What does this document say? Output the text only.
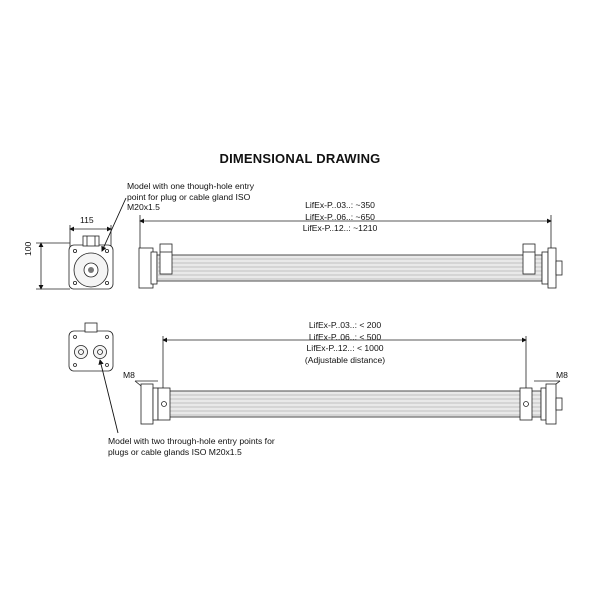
DIMENSIONAL DRAWING
Model with one though-hole entry
point for plug or cable gland ISO
M20x1.5
Model with two through-hole entry points for
plugs or cable glands ISO M20x1.5
115
100
LifEx-P..03..: ~350
LifEx-P..06..: ~650
LifEx-P..12..: ~1210
LifEx-P..03..: < 200
LifEx-P..06..: < 500
LifEx-P..12..: < 1000
(Adjustable distance)
M8	M8
